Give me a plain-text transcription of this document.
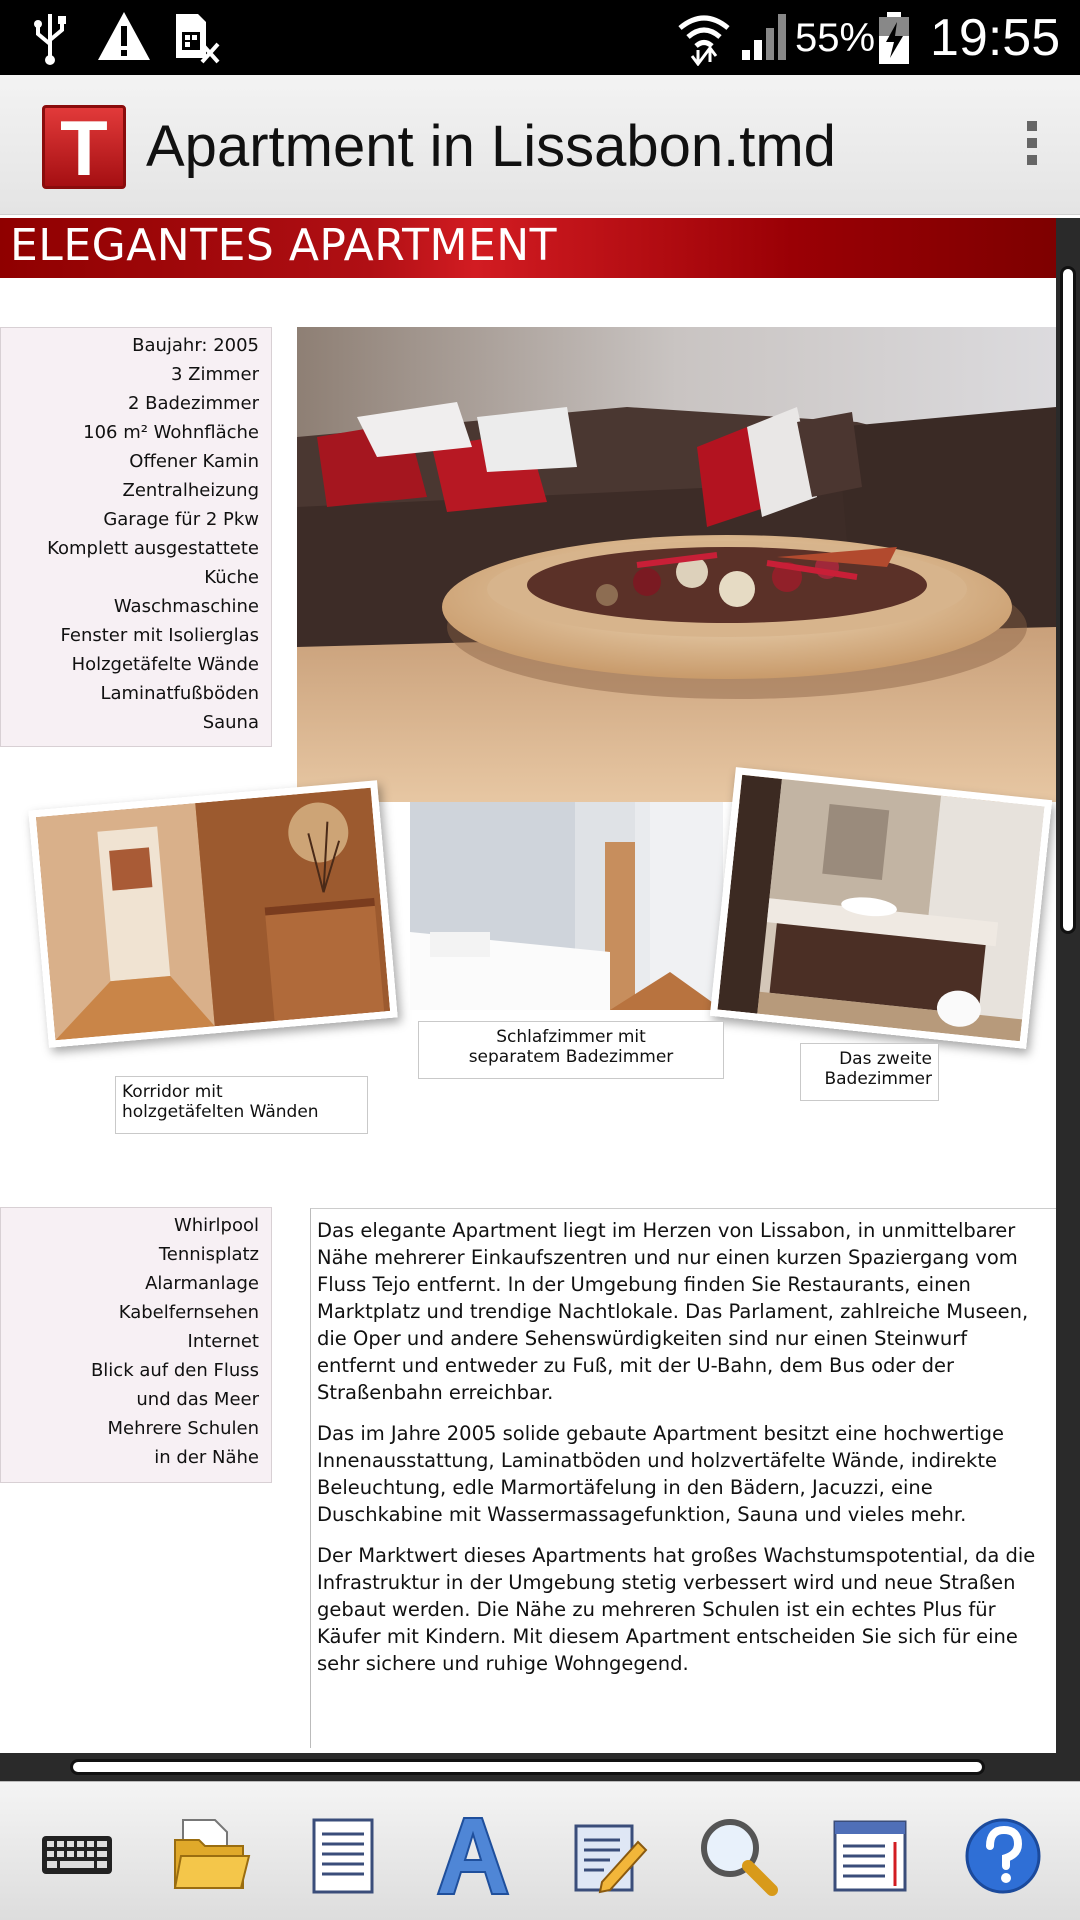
55% 19:55
T Apartment in Lissabon.tmd
ELEGANTES APARTMENT
Baujahr: 2005
3 Zimmer
2 Badezimmer
106 m² Wohnfläche
Offener Kamin
Zentralheizung
Garage für 2 Pkw
Komplett ausgestattete
Küche
Waschmaschine
Fenster mit Isolierglas
Holzgetäfelte Wände
Laminatfußböden
Sauna
Korridor mit
holzgetäfelten Wänden
Schlafzimmer mit
separatem Badezimmer	Das zweite
Badezimmer
Whirlpool
Tennisplatz
Alarmanlage
Kabelfernsehen
Internet
Blick auf den Fluss
und das Meer
Mehrere Schulen
in der Nähe

Das elegante Apartment liegt im Herzen von Lissabon, in unmittelbarer Nähe mehrerer Einkaufszentren und nur einen kurzen Spaziergang vom Fluss Tejo entfernt. In der Umgebung finden Sie Restaurants, einen Marktplatz und trendige Nachtlokale. Das Parlament, zahlreiche Museen, die Oper und andere Sehenswürdigkeiten sind nur einen Steinwurf entfernt und entweder zu Fuß, mit der U-Bahn, dem Bus oder der Straßenbahn erreichbar.

Das im Jahre 2005 solide gebaute Apartment besitzt eine hochwertige Innenausstattung, Laminatböden und holzvertäfelte Wände, indirekte Beleuchtung, edle Marmortäfelung in den Bädern, Jacuzzi, eine Duschkabine mit Wassermassagefunktion, Sauna und vieles mehr.

Der Marktwert dieses Apartments hat großes Wachstumspotential, da die Infrastruktur in der Umgebung stetig verbessert wird und neue Straßen gebaut werden. Die Nähe zu mehreren Schulen ist ein echtes Plus für Käufer mit Kindern. Mit diesem Apartment entscheiden Sie sich für eine sehr sichere und ruhige Wohngegend.
